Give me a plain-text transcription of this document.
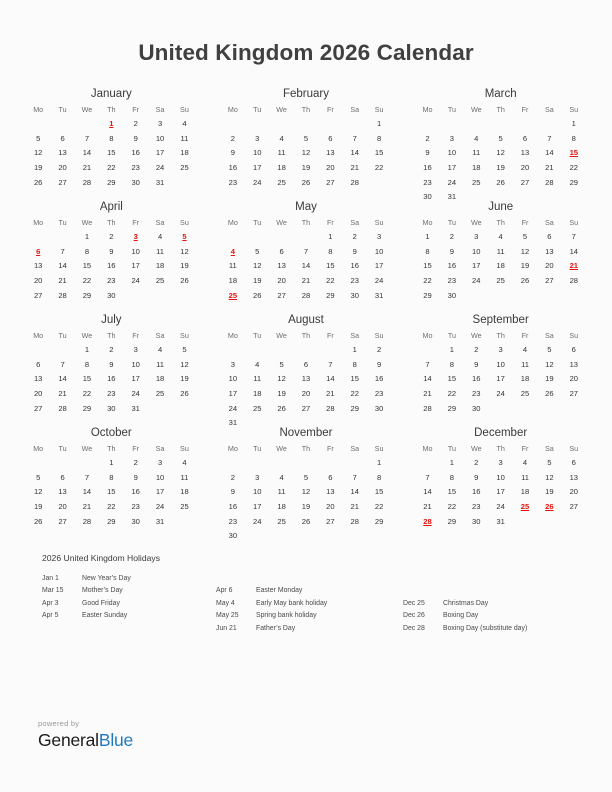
United Kingdom 2026 Calendar
January
Mo	Tu	We	Th	Fr	Sa	Su
			1	2	3	4
5	6	7	8	9	10	11
12	13	14	15	16	17	18
19	20	21	22	23	24	25
26	27	28	29	30	31	

February
Mo	Tu	We	Th	Fr	Sa	Su
						1
2	3	4	5	6	7	8
9	10	11	12	13	14	15
16	17	18	19	20	21	22
23	24	25	26	27	28	

March
Mo	Tu	We	Th	Fr	Sa	Su
						1
2	3	4	5	6	7	8
9	10	11	12	13	14	15
16	17	18	19	20	21	22
23	24	25	26	27	28	29
30	31					
April
Mo	Tu	We	Th	Fr	Sa	Su
		1	2	3	4	5
6	7	8	9	10	11	12
13	14	15	16	17	18	19
20	21	22	23	24	25	26
27	28	29	30			

May
Mo	Tu	We	Th	Fr	Sa	Su
				1	2	3
4	5	6	7	8	9	10
11	12	13	14	15	16	17
18	19	20	21	22	23	24
25	26	27	28	29	30	31

June
Mo	Tu	We	Th	Fr	Sa	Su
1	2	3	4	5	6	7
8	9	10	11	12	13	14
15	16	17	18	19	20	21
22	23	24	25	26	27	28
29	30					

July
Mo	Tu	We	Th	Fr	Sa	Su
		1	2	3	4	5
6	7	8	9	10	11	12
13	14	15	16	17	18	19
20	21	22	23	24	25	26
27	28	29	30	31		

August
Mo	Tu	We	Th	Fr	Sa	Su
					1	2
3	4	5	6	7	8	9
10	11	12	13	14	15	16
17	18	19	20	21	22	23
24	25	26	27	28	29	30
31						
September
Mo	Tu	We	Th	Fr	Sa	Su
	1	2	3	4	5	6
7	8	9	10	11	12	13
14	15	16	17	18	19	20
21	22	23	24	25	26	27
28	29	30				

October
Mo	Tu	We	Th	Fr	Sa	Su
			1	2	3	4
5	6	7	8	9	10	11
12	13	14	15	16	17	18
19	20	21	22	23	24	25
26	27	28	29	30	31	

November
Mo	Tu	We	Th	Fr	Sa	Su
						1
2	3	4	5	6	7	8
9	10	11	12	13	14	15
16	17	18	19	20	21	22
23	24	25	26	27	28	29
30						
December
Mo	Tu	We	Th	Fr	Sa	Su
	1	2	3	4	5	6
7	8	9	10	11	12	13
14	15	16	17	18	19	20
21	22	23	24	25	26	27
28	29	30	31			

2026 United Kingdom Holidays
Jan 1	New Year’s Day
Mar 15	Mother’s Day
Apr 3	Good Friday
Apr 5	Easter Sunday
Apr 6	Easter Monday
May 4	Early May bank holiday
May 25	Spring bank holiday
Jun 21	Father’s Day
Dec 25	Christmas Day
Dec 26	Boxing Day
Dec 28	Boxing Day (substitute day)
powered by
GeneralBlue
